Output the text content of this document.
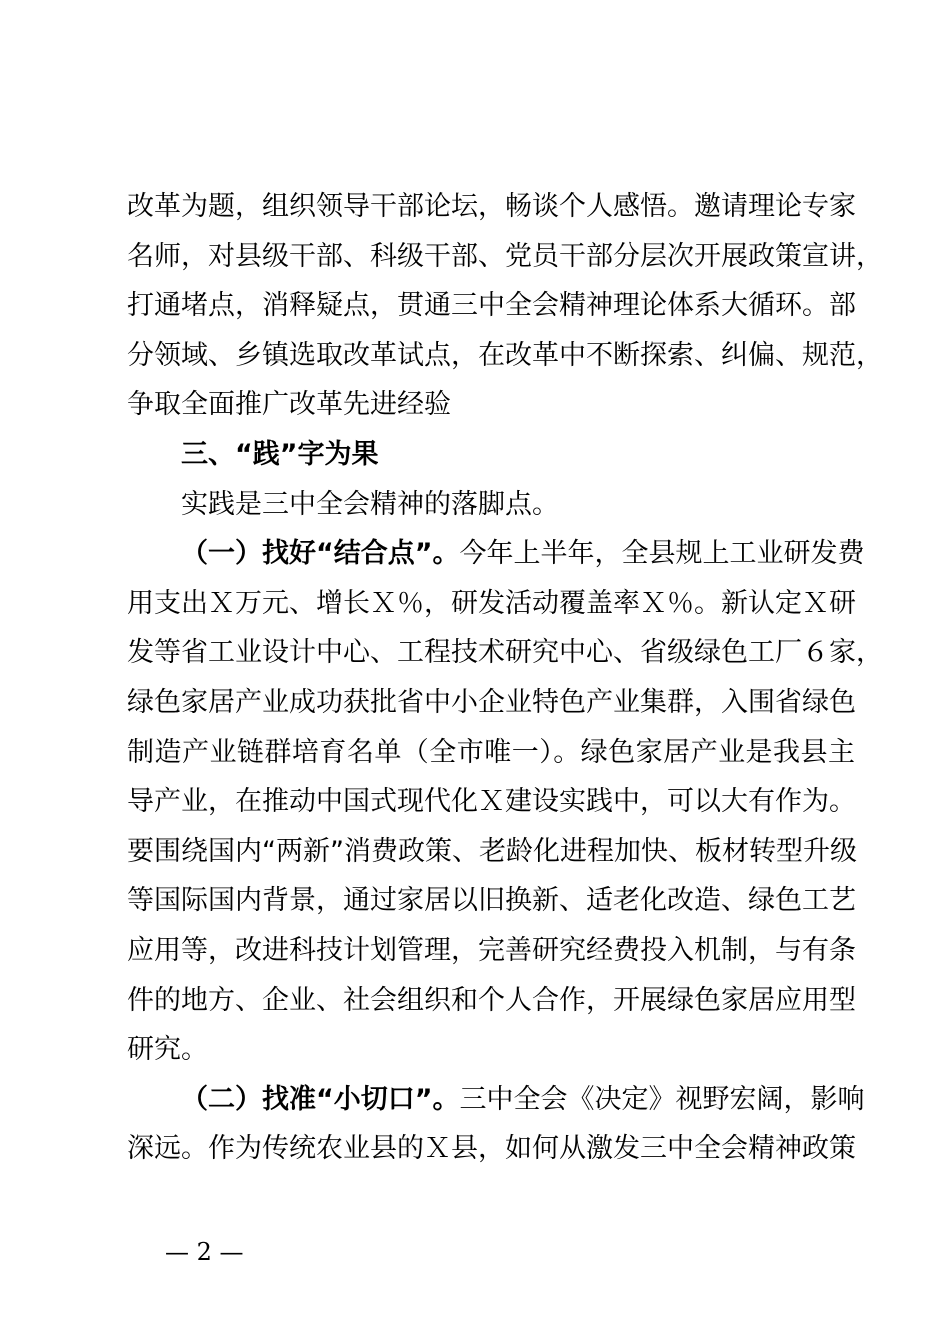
改革为题，组织领导干部论坛，畅谈个人感悟。邀请理论专家
名师，对县级干部、科级干部、党员干部分层次开展政策宣讲，
打通堵点，消释疑点，贯通三中全会精神理论体系大循环。部
分领域、乡镇选取改革试点，在改革中不断探索、纠偏、规范，
争取全面推广改革先进经验
三、“践”字为果
实践是三中全会精神的落脚点。
（一）找好“结合点”。今年上半年，全县规上工业研发费
用支出Ｘ万元、增长Ｘ％，研发活动覆盖率Ｘ％。新认定Ｘ研
发等省工业设计中心、工程技术研究中心、省级绿色工厂６家，
绿色家居产业成功获批省中小企业特色产业集群，入围省绿色
制造产业链群培育名单（全市唯一）。绿色家居产业是我县主
导产业，在推动中国式现代化Ｘ建设实践中，可以大有作为。
要围绕国内“两新”消费政策、老龄化进程加快、板材转型升级
等国际国内背景，通过家居以旧换新、适老化改造、绿色工艺
应用等，改进科技计划管理，完善研究经费投入机制，与有条
件的地方、企业、社会组织和个人合作，开展绿色家居应用型
研究。
（二）找准“小切口”。三中全会《决定》视野宏阔，影响
深远。作为传统农业县的Ｘ县，如何从激发三中全会精神政策
— 2 —
